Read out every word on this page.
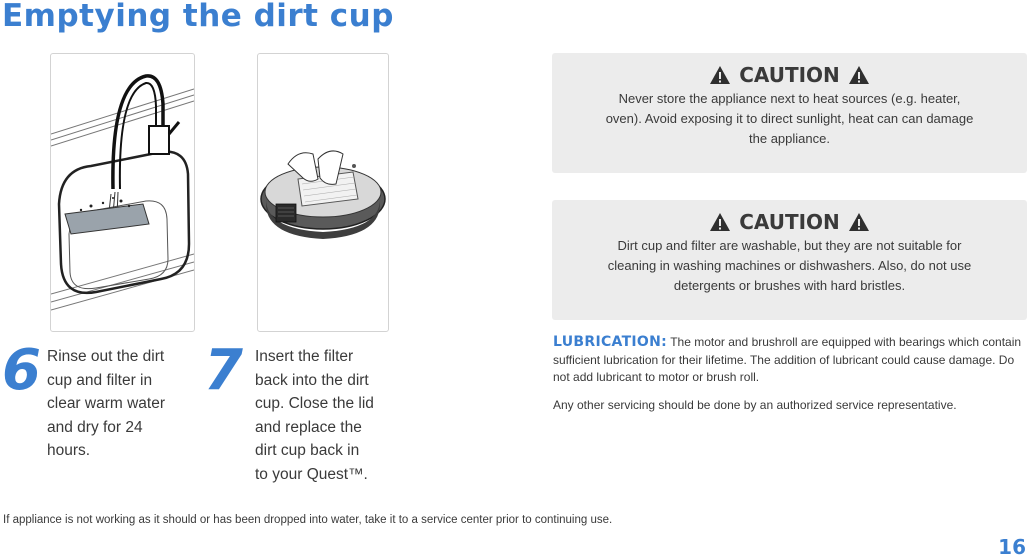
Emptying the dirt cup
6 Rinse out the dirt
cup and filter in
clear warm water
and dry for 24
hours.
7 Insert the filter
back into the dirt
cup. Close the lid
and replace the
dirt cup back in
to your Quest™.
CAUTION
Never store the appliance next to heat sources (e.g. heater, oven). Avoid exposing it to direct sunlight, heat can can damage the appliance.
CAUTION
Dirt cup and filter are washable, but they are not suitable for cleaning in washing machines or dishwashers. Also, do not use detergents or brushes with hard bristles.
LUBRICATION: The motor and brushroll are equipped with bearings which contain sufficient lubrication for their lifetime. The addition of lubricant could cause damage. Do not add lubricant to motor or brush roll.
Any other servicing should be done by an authorized service representative.
If appliance is not working as it should or has been dropped into water, take it to a service center prior to continuing use.
16
